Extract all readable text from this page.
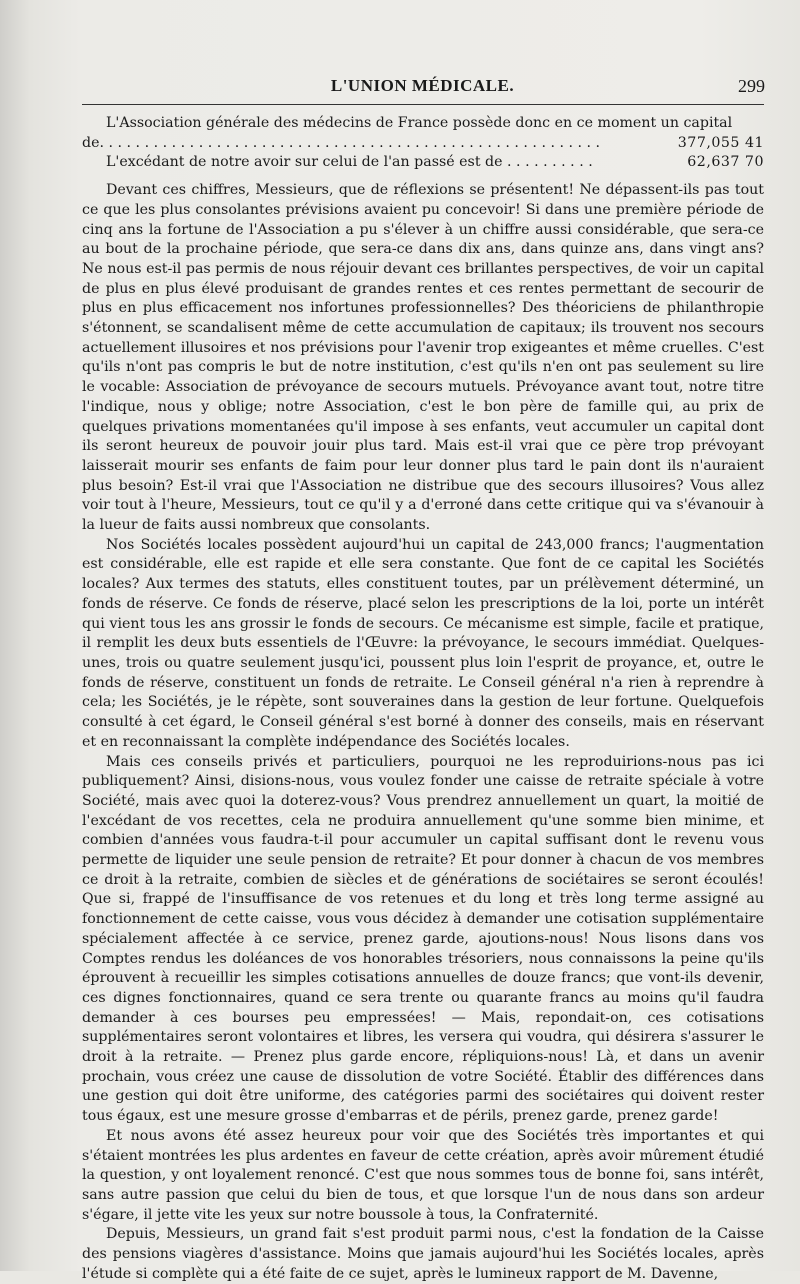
L'UNION MÉDICALE.	299

L'Association générale des médecins de France possède donc en ce moment un capital

de. . . . . . . . . . . . . . . . . . . . . . . . . . . . . . . . . . . . . . . . . . . . . . . . . . . . . . . .	377,055 41
L'excédant de notre avoir sur celui de l'an passé est de . . . . . . . . . .	62,637 70

Devant ces chiffres, Messieurs, que de réflexions se présentent! Ne dépassent-ils pas tout ce que les plus consolantes prévisions avaient pu concevoir! Si dans une première période de cinq ans la fortune de l'Association a pu s'élever à un chiffre aussi considérable, que sera-ce au bout de la prochaine période, que sera-ce dans dix ans, dans quinze ans, dans vingt ans? Ne nous est-il pas permis de nous réjouir devant ces brillantes perspectives, de voir un capital de plus en plus élevé produisant de grandes rentes et ces rentes permettant de secourir de plus en plus efficacement nos infortunes professionnelles? Des théoriciens de philanthropie s'étonnent, se scandalisent même de cette accumulation de capitaux; ils trouvent nos secours actuellement illusoires et nos prévisions pour l'avenir trop exigeantes et même cruelles. C'est qu'ils n'ont pas compris le but de notre institution, c'est qu'ils n'en ont pas seulement su lire le vocable: Association de prévoyance de secours mutuels. Prévoyance avant tout, notre titre l'indique, nous y oblige; notre Association, c'est le bon père de famille qui, au prix de quelques privations momentanées qu'il impose à ses enfants, veut accumuler un capital dont ils seront heureux de pouvoir jouir plus tard. Mais est-il vrai que ce père trop prévoyant laisserait mourir ses enfants de faim pour leur donner plus tard le pain dont ils n'auraient plus besoin? Est-il vrai que l'Association ne distribue que des secours illusoires? Vous allez voir tout à l'heure, Messieurs, tout ce qu'il y a d'erroné dans cette critique qui va s'évanouir à la lueur de faits aussi nombreux que consolants.

Nos Sociétés locales possèdent aujourd'hui un capital de 243,000 francs; l'augmentation est considérable, elle est rapide et elle sera constante. Que font de ce capital les Sociétés locales? Aux termes des statuts, elles constituent toutes, par un prélèvement déterminé, un fonds de réserve. Ce fonds de réserve, placé selon les prescriptions de la loi, porte un intérêt qui vient tous les ans grossir le fonds de secours. Ce mécanisme est simple, facile et pratique, il remplit les deux buts essentiels de l'Œuvre: la prévoyance, le secours immédiat. Quelques-unes, trois ou quatre seulement jusqu'ici, poussent plus loin l'esprit de proyance, et, outre le fonds de réserve, constituent un fonds de retraite. Le Conseil général n'a rien à reprendre à cela; les Sociétés, je le répète, sont souveraines dans la gestion de leur fortune. Quelquefois consulté à cet égard, le Conseil général s'est borné à donner des conseils, mais en réservant et en reconnaissant la complète indépendance des Sociétés locales.

Mais ces conseils privés et particuliers, pourquoi ne les reproduirions-nous pas ici publiquement? Ainsi, disions-nous, vous voulez fonder une caisse de retraite spéciale à votre Société, mais avec quoi la doterez-vous? Vous prendrez annuellement un quart, la moitié de l'excédant de vos recettes, cela ne produira annuellement qu'une somme bien minime, et combien d'années vous faudra-t-il pour accumuler un capital suffisant dont le revenu vous permette de liquider une seule pension de retraite? Et pour donner à chacun de vos membres ce droit à la retraite, combien de siècles et de générations de sociétaires se seront écoulés! Que si, frappé de l'insuffisance de vos retenues et du long et très long terme assigné au fonctionnement de cette caisse, vous vous décidez à demander une cotisation supplémentaire spécialement affectée à ce service, prenez garde, ajoutions-nous! Nous lisons dans vos Comptes rendus les doléances de vos honorables trésoriers, nous connaissons la peine qu'ils éprouvent à recueillir les simples cotisations annuelles de douze francs; que vont-ils devenir, ces dignes fonctionnaires, quand ce sera trente ou quarante francs au moins qu'il faudra demander à ces bourses peu empressées! — Mais, repondait-on, ces cotisations supplémentaires seront volontaires et libres, les versera qui voudra, qui désirera s'assurer le droit à la retraite. — Prenez plus garde encore, répliquions-nous! Là, et dans un avenir prochain, vous créez une cause de dissolution de votre Société. Établir des différences dans une gestion qui doit être uniforme, des catégories parmi des sociétaires qui doivent rester tous égaux, est une mesure grosse d'embarras et de périls, prenez garde, prenez garde!

Et nous avons été assez heureux pour voir que des Sociétés très importantes et qui s'étaient montrées les plus ardentes en faveur de cette création, après avoir mûrement étudié la question, y ont loyalement renoncé. C'est que nous sommes tous de bonne foi, sans intérêt, sans autre passion que celui du bien de tous, et que lorsque l'un de nous dans son ardeur s'égare, il jette vite les yeux sur notre boussole à tous, la Confraternité.

Depuis, Messieurs, un grand fait s'est produit parmi nous, c'est la fondation de la Caisse des pensions viagères d'assistance. Moins que jamais aujourd'hui les Sociétés locales, après l'étude si complète qui a été faite de ce sujet, après le lumineux rapport de M. Davenne,
